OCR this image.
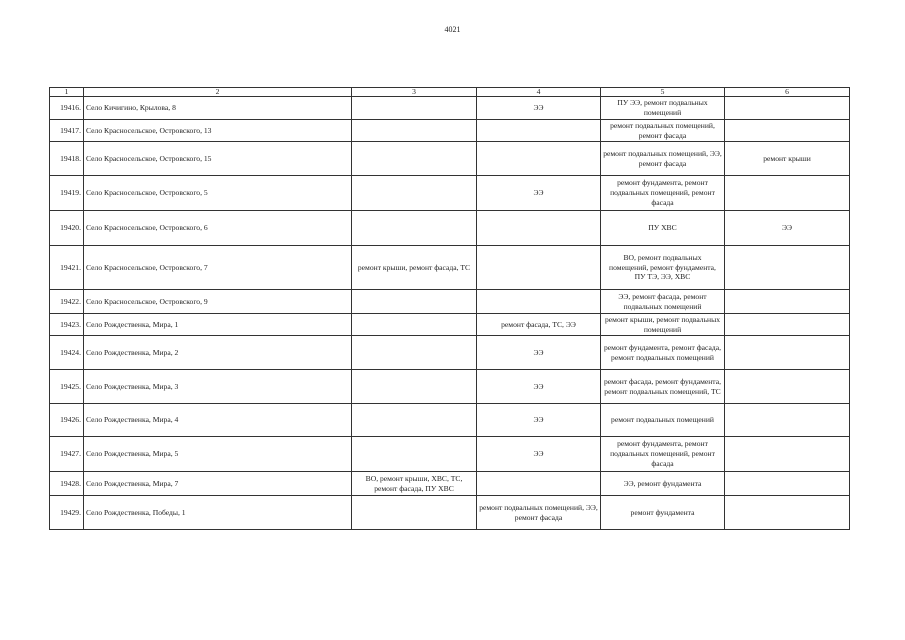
4021
1	2	3	4	5	6
19416.	Село Кичигино, Крылова, 8		ЭЭ	ПУ ЭЭ, ремонт подвальных помещений	
19417.	Село Красносельское, Островского, 13			ремонт подвальных помещений, ремонт фасада	
19418.	Село Красносельское, Островского, 15			ремонт подвальных помещений, ЭЭ, ремонт фасада	ремонт крыши
19419.	Село Красносельское, Островского, 5		ЭЭ	ремонт фундамента, ремонт подвальных помещений, ремонт фасада	
19420.	Село Красносельское, Островского, 6			ПУ ХВС	ЭЭ
19421.	Село Красносельское, Островского, 7	ремонт крыши, ремонт фасада, ТС		ВО, ремонт подвальных помещений, ремонт фундамента, ПУ ТЭ, ЭЭ, ХВС	
19422.	Село Красносельское, Островского, 9			ЭЭ, ремонт фасада, ремонт подвальных помещений	
19423.	Село Рождественка, Мира, 1		ремонт фасада, ТС, ЭЭ	ремонт крыши, ремонт подвальных помещений	
19424.	Село Рождественка, Мира, 2		ЭЭ	ремонт фундамента, ремонт фасада, ремонт подвальных помещений	
19425.	Село Рождественка, Мира, 3		ЭЭ	ремонт фасада, ремонт фундамента, ремонт подвальных помещений, ТС	
19426.	Село Рождественка, Мира, 4		ЭЭ	ремонт подвальных помещений	
19427.	Село Рождественка, Мира, 5		ЭЭ	ремонт фундамента, ремонт подвальных помещений, ремонт фасада	
19428.	Село Рождественка, Мира, 7	ВО, ремонт крыши, ХВС, ТС, ремонт фасада, ПУ ХВС		ЭЭ, ремонт фундамента	
19429.	Село Рождественка, Победы, 1		ремонт подвальных помещений, ЭЭ, ремонт фасада	ремонт фундамента	
